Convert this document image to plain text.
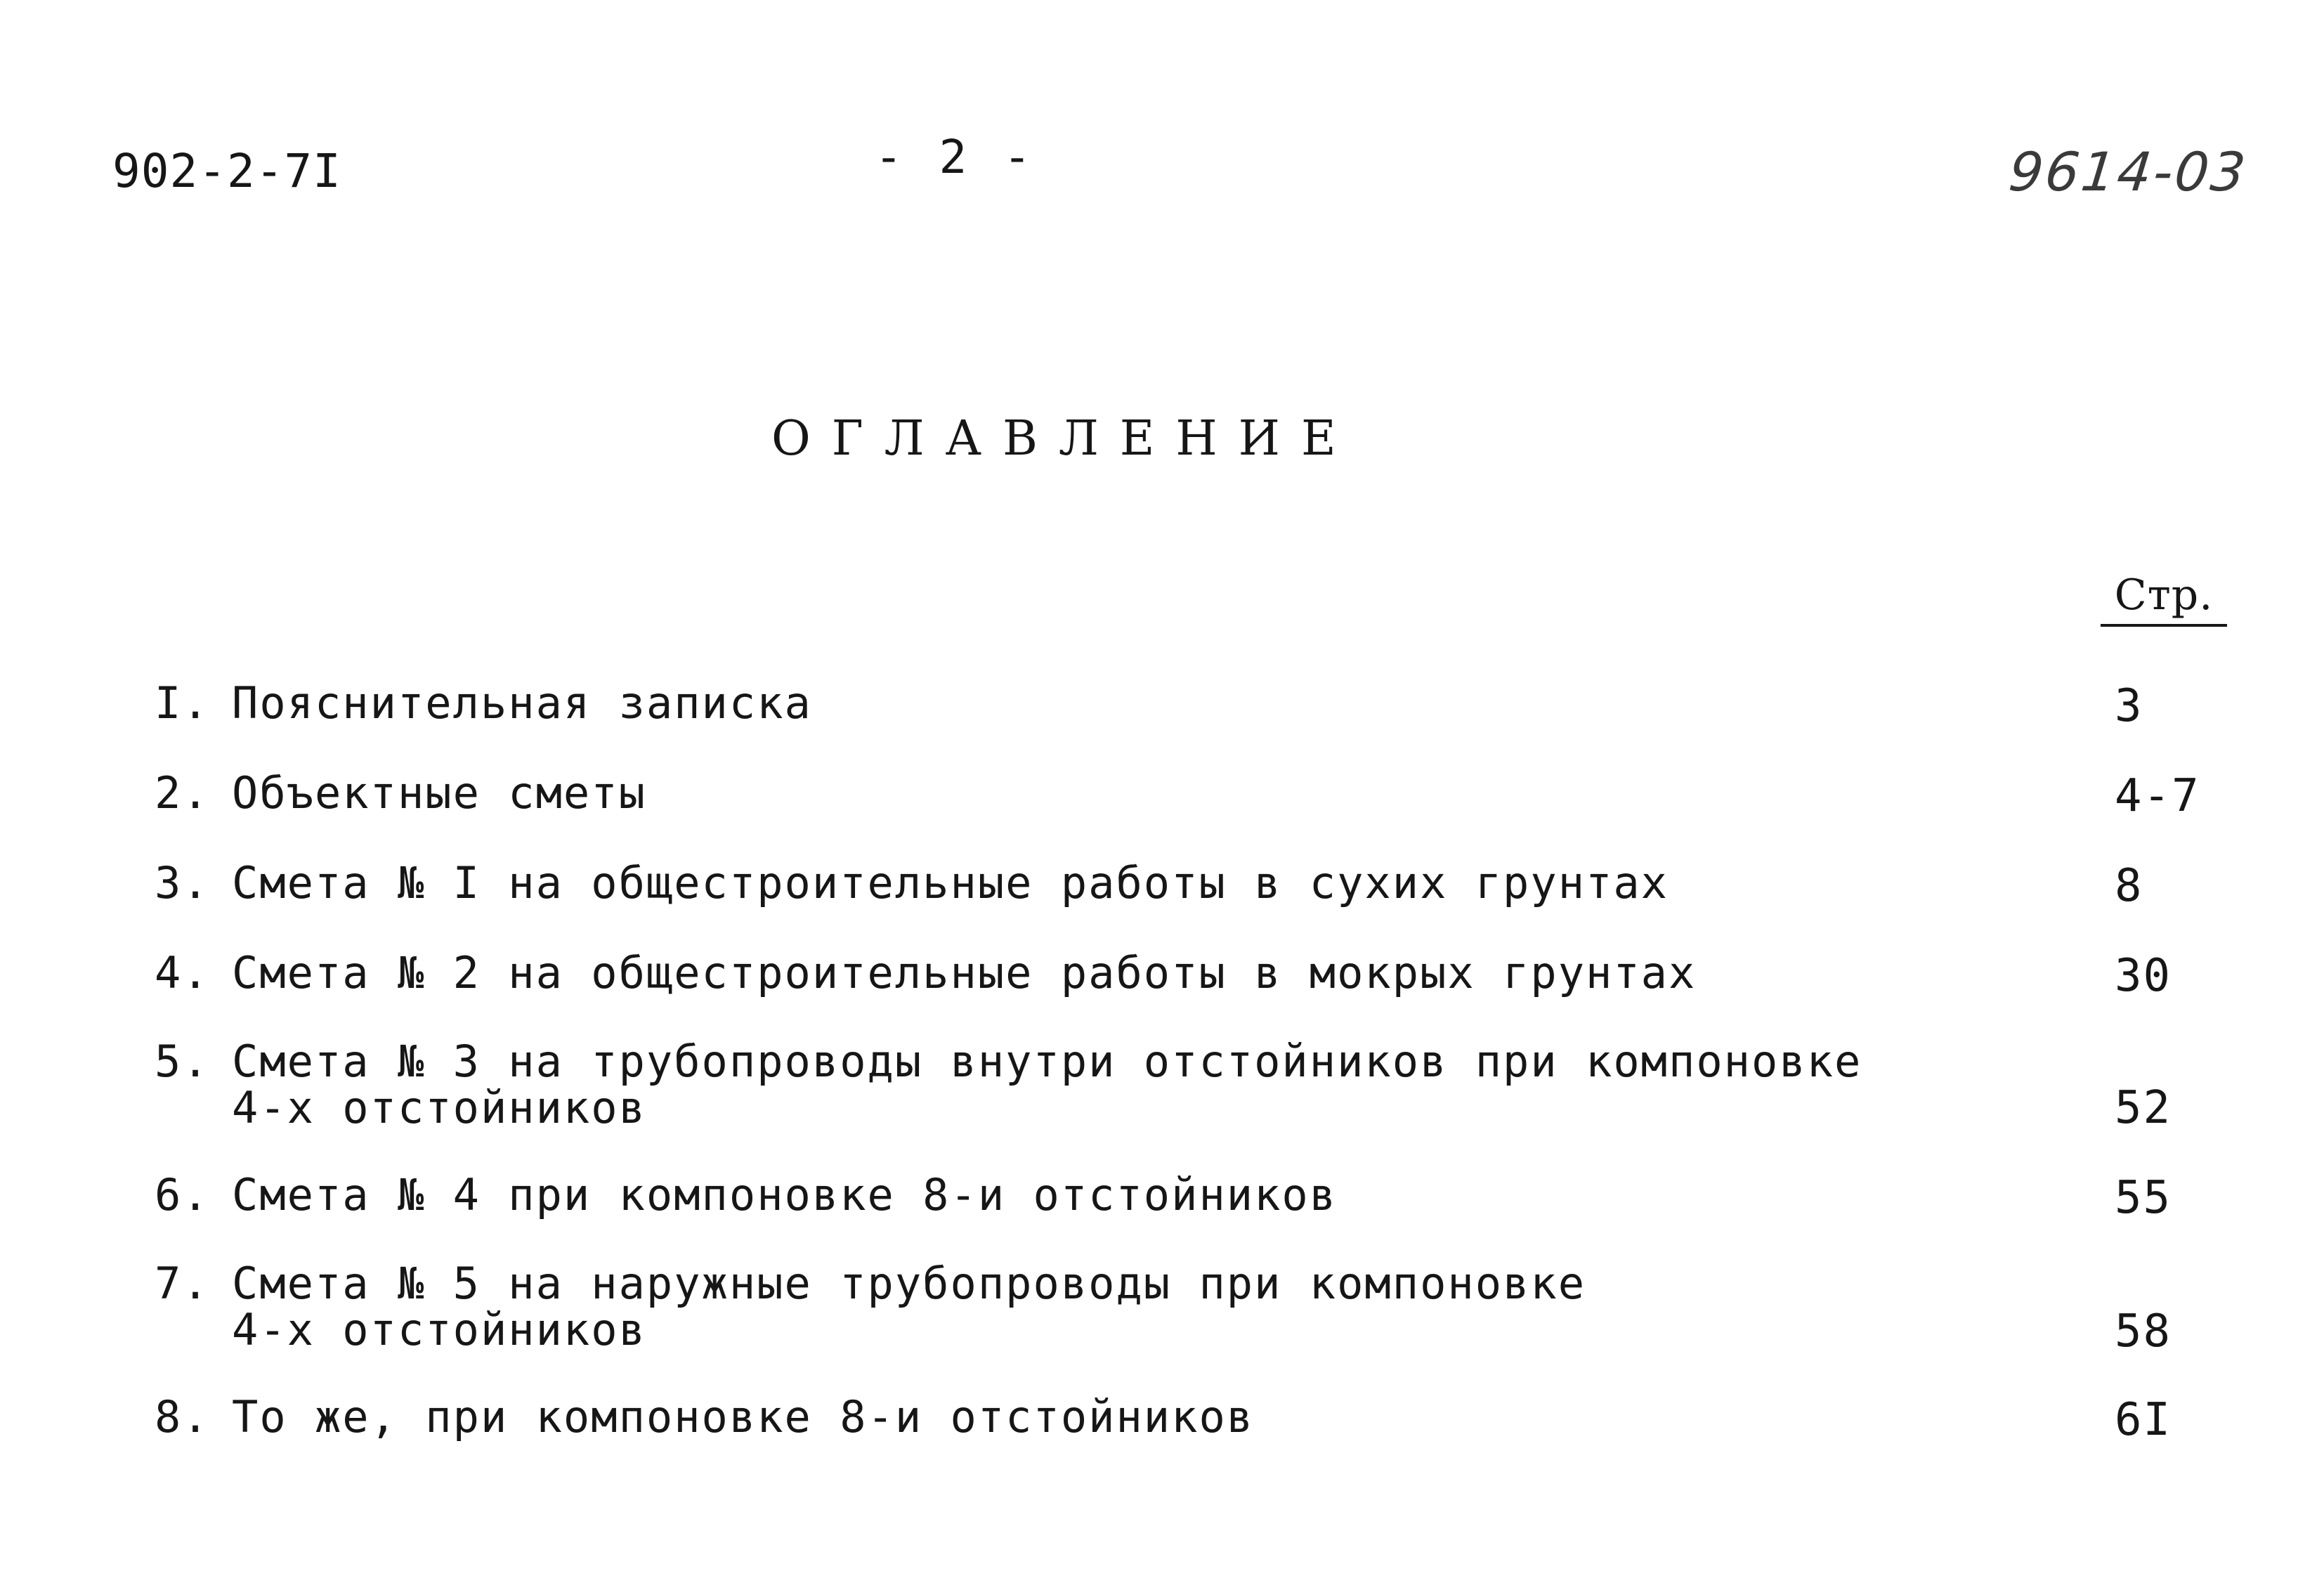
902-2-7I	- 2 -	9614-03
ОГЛАВЛЕНИЕ
Стр.
I. Пояснительная записка	3
2. Объектные сметы	4-7
3. Смета № I на общестроительные работы в сухих грунтах	8
4. Смета № 2 на общестроительные работы в мокрых грунтах	30
5. Смета № 3 на трубопроводы внутри отстойников при компоновке
4-х отстойников	52
6. Смета № 4 при компоновке 8-и отстойников	55
7. Смета № 5 на наружные трубопроводы при компоновке
4-х отстойников	58
8. То же, при компоновке 8-и отстойников	6I
